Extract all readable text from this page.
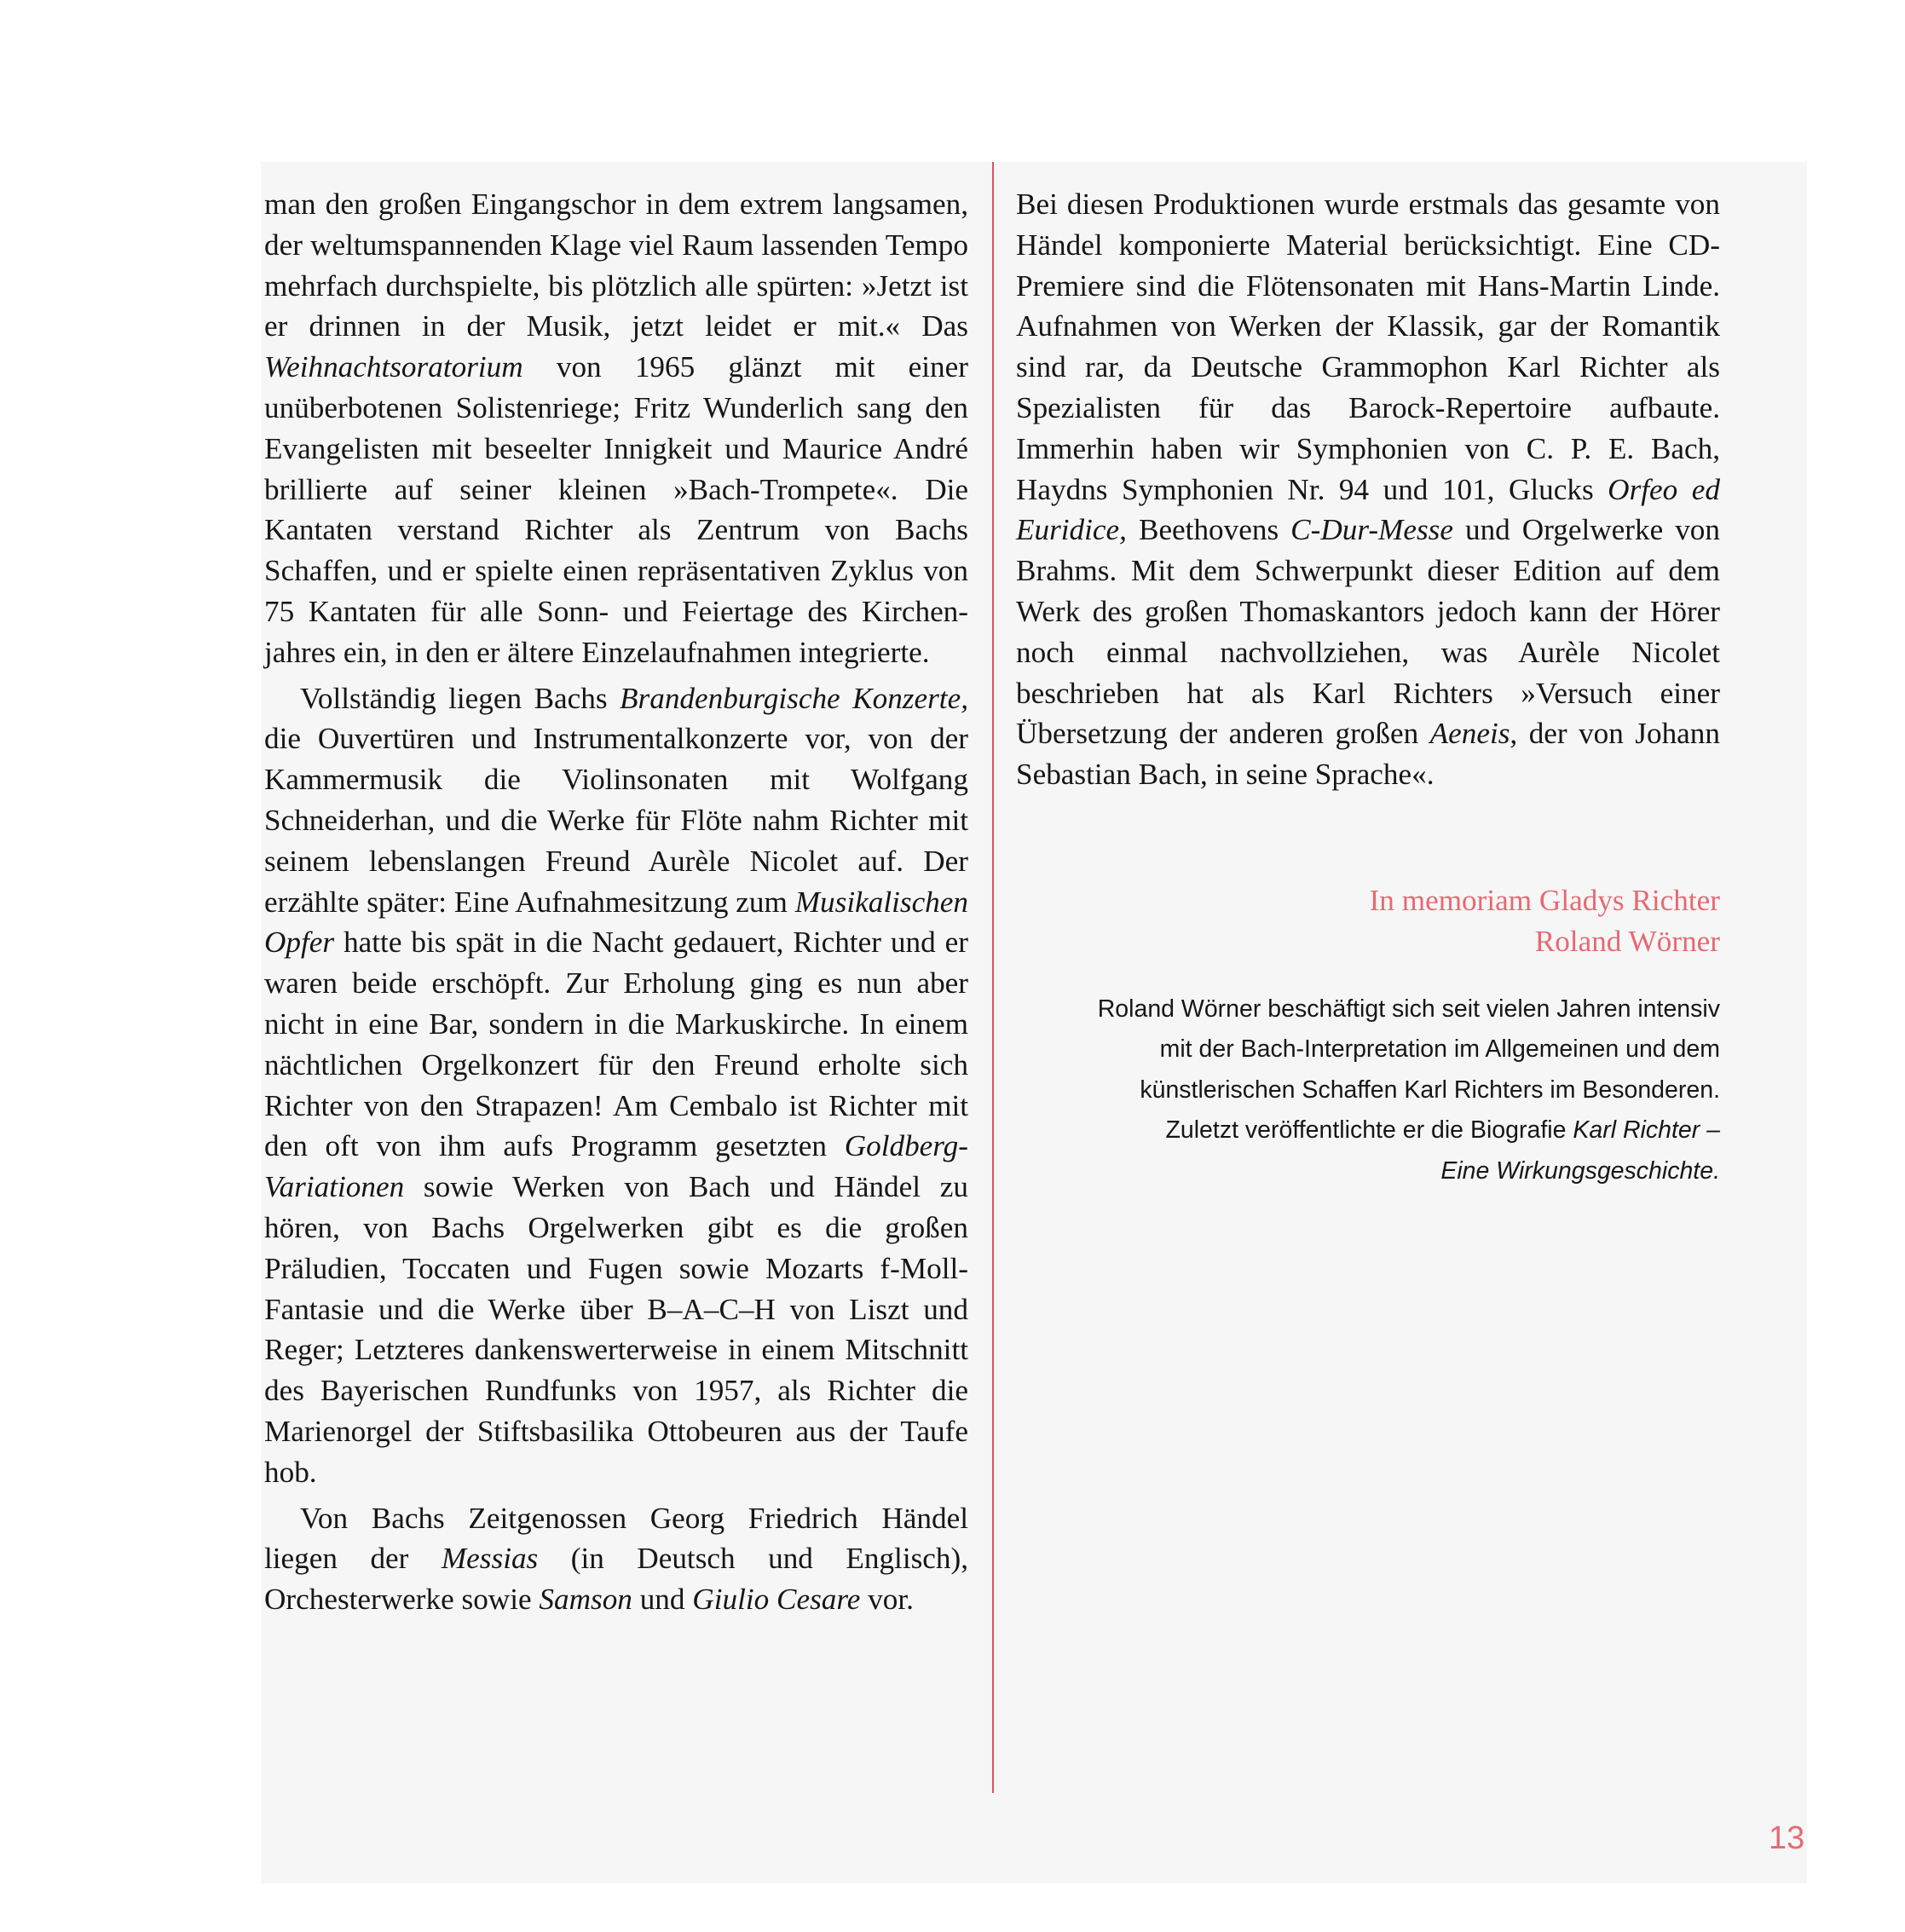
man den großen Eingangschor in dem extrem langsamen, der weltumspannenden Klage viel Raum lassenden Tempo mehrfach durchspielte, bis plötzlich alle spürten: »Jetzt ist er drinnen in der Musik, jetzt leidet er mit.« Das Weihnachtsoratorium von 1965 glänzt mit einer unüberbotenen Solistenriege; Fritz Wunderlich sang den Evangelisten mit beseelter Innigkeit und Maurice André brillierte auf seiner kleinen »Bach-Trompete«. Die Kantaten verstand Richter als Zentrum von Bachs Schaffen, und er spielte einen repräsentativen Zyklus von 75 Kantaten für alle Sonn- und Feiertage des Kirchenjahres ein, in den er ältere Einzelaufnahmen integrierte.

Vollständig liegen Bachs Brandenburgische Konzerte, die Ouvertüren und Instrumentalkonzerte vor, von der Kammermusik die Violinsonaten mit Wolfgang Schneiderhan, und die Werke für Flöte nahm Richter mit seinem lebenslangen Freund Aurèle Nicolet auf. Der erzählte später: Eine Aufnahmesitzung zum Musikalischen Opfer hatte bis spät in die Nacht gedauert, Richter und er waren beide erschöpft. Zur Erholung ging es nun aber nicht in eine Bar, sondern in die Markuskirche. In einem nächtlichen Orgelkonzert für den Freund erholte sich Richter von den Strapazen! Am Cembalo ist Richter mit den oft von ihm aufs Programm gesetzten Goldberg-Variationen sowie Werken von Bach und Händel zu hören, von Bachs Orgelwerken gibt es die großen Präludien, Toccaten und Fugen sowie Mozarts f-Moll-Fantasie und die Werke über B–A–C–H von Liszt und Reger; Letzteres dankenswerterweise in einem Mitschnitt des Bayerischen Rundfunks von 1957, als Richter die Marienorgel der Stiftsbasilika Ottobeuren aus der Taufe hob.

Von Bachs Zeitgenossen Georg Friedrich Händel liegen der Messias (in Deutsch und Englisch), Orchesterwerke sowie Samson und Giulio Cesare vor.

Bei diesen Produktionen wurde erstmals das gesamte von Händel komponierte Material berücksichtigt. Eine CD-Premiere sind die Flötensonaten mit Hans-Martin Linde. Aufnahmen von Werken der Klassik, gar der Romantik sind rar, da Deutsche Grammophon Karl Richter als Spezialisten für das Barock-Repertoire aufbaute. Immerhin haben wir Symphonien von C. P. E. Bach, Haydns Symphonien Nr. 94 und 101, Glucks Orfeo ed Euridice, Beethovens C-Dur-Messe und Orgelwerke von Brahms. Mit dem Schwerpunkt dieser Edition auf dem Werk des großen Thomaskantors jedoch kann der Hörer noch einmal nachvollziehen, was Aurèle Nicolet beschrieben hat als Karl Richters »Versuch einer Übersetzung der anderen großen Aeneis, der von Johann Sebastian Bach, in seine Sprache«.

In memoriam Gladys Richter
Roland Wörner
Roland Wörner beschäftigt sich seit vielen Jahren intensiv
mit der Bach-Interpretation im Allgemeinen und dem
künstlerischen Schaffen Karl Richters im Besonderen.
Zuletzt veröffentlichte er die Biografie Karl Richter –
Eine Wirkungsgeschichte.
13
